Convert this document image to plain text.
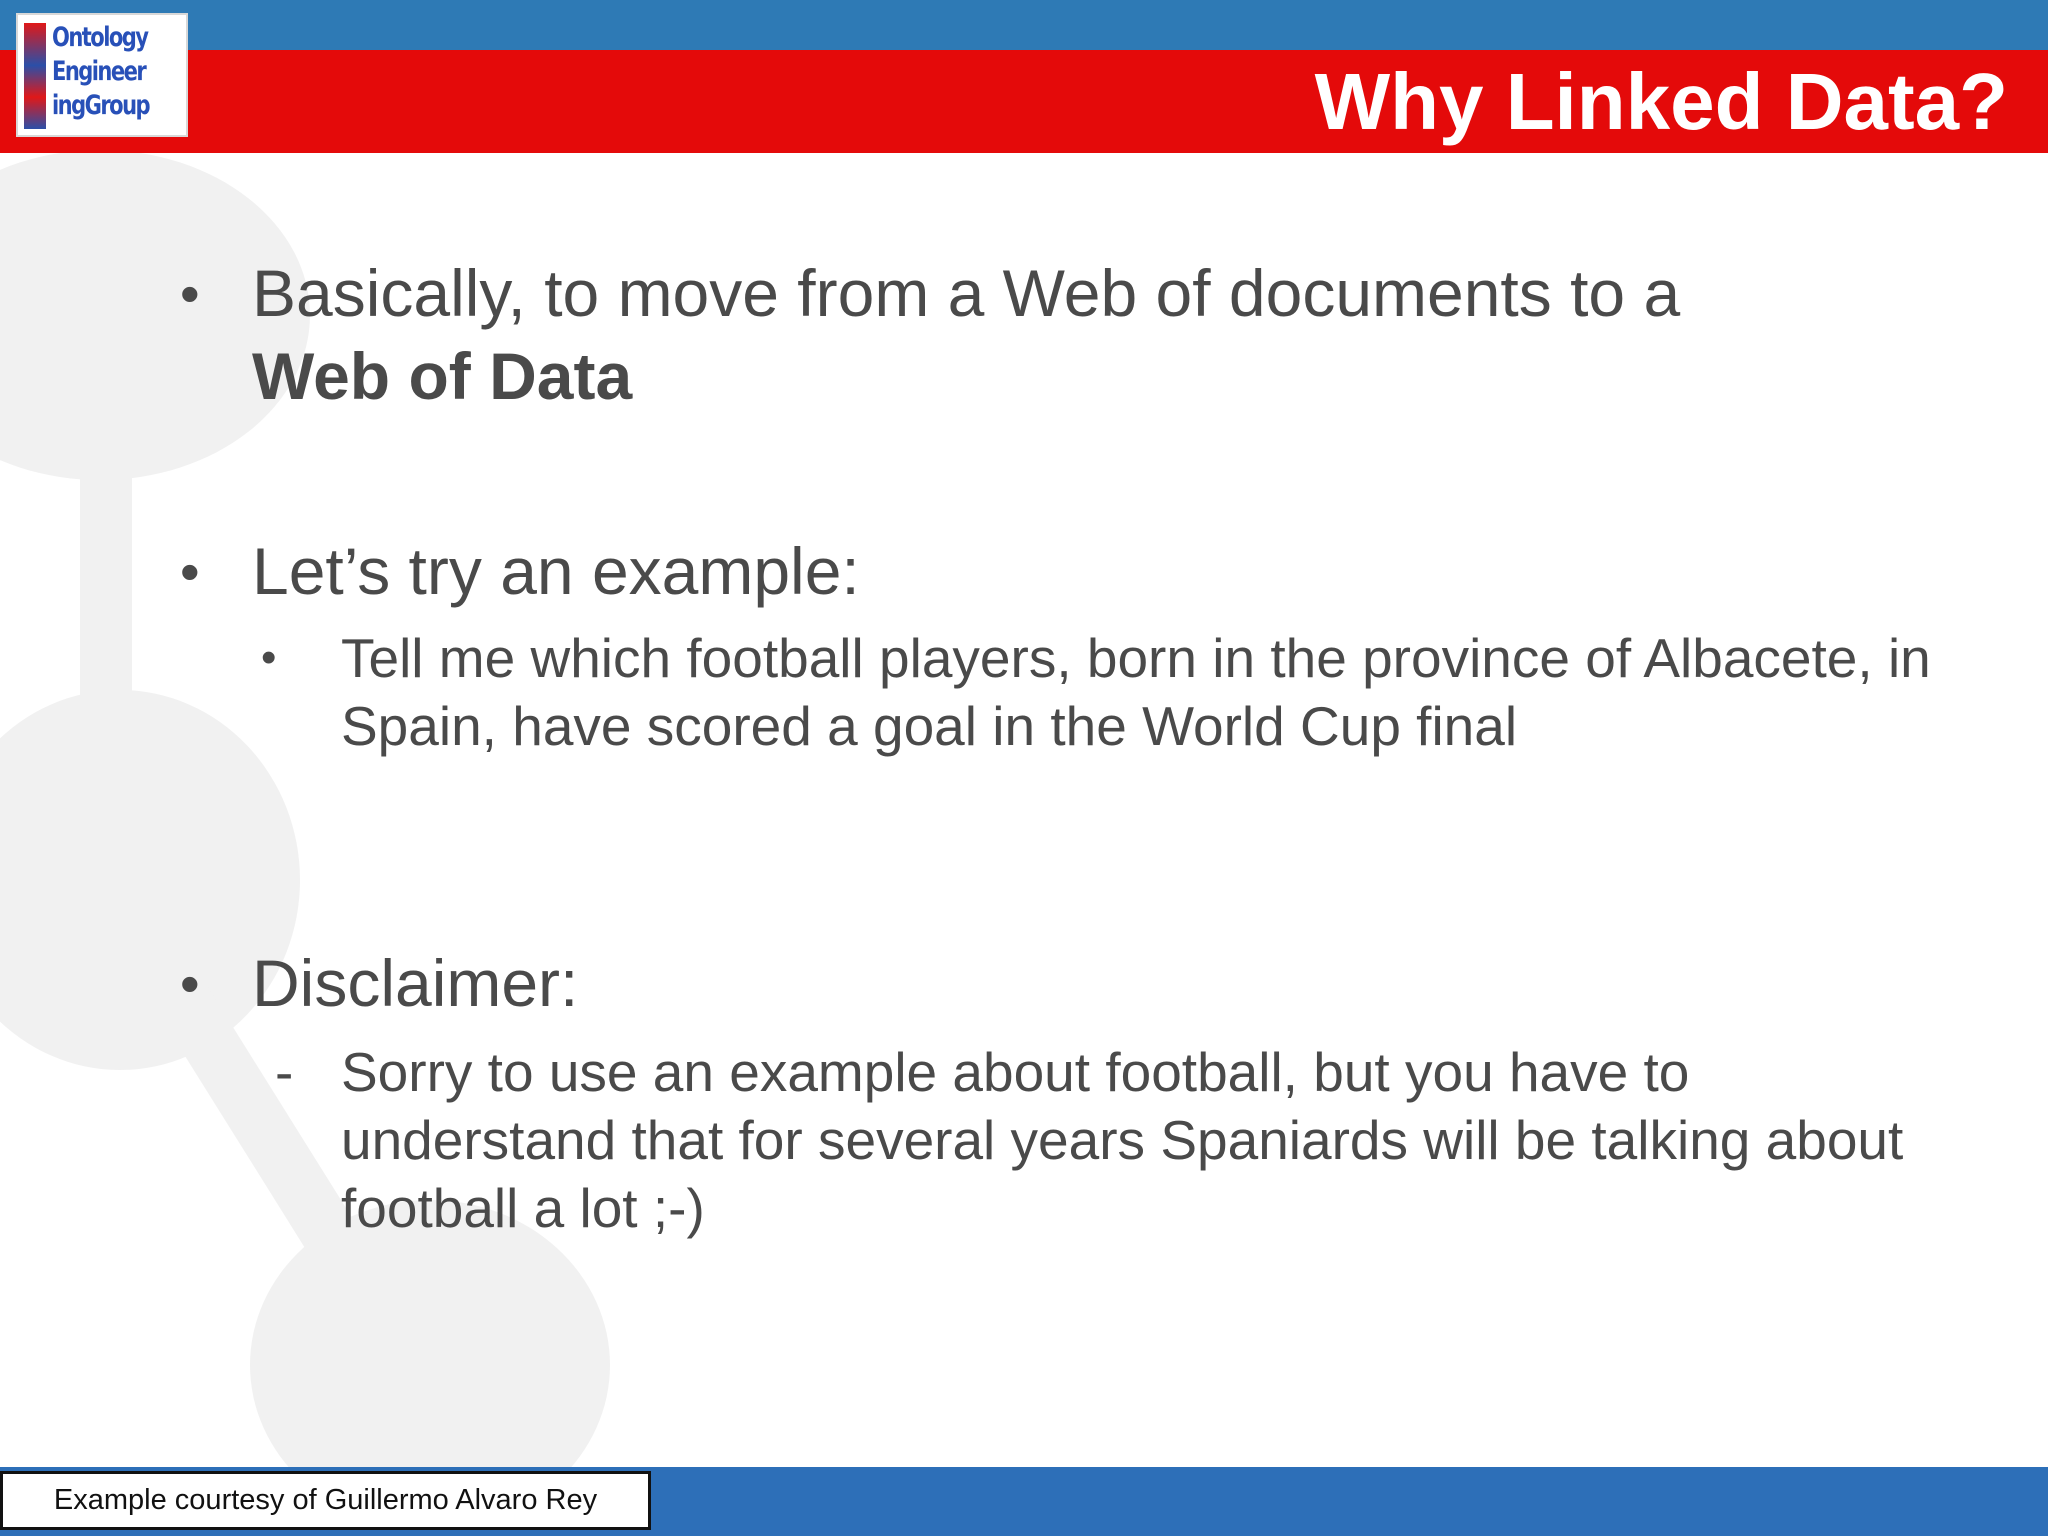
Ontology
Engineer
ingGroup	Why Linked Data?
• Basically, to move from a Web of documents to a
Web of Data
• Let’s try an example:
• Tell me which football players, born in the province of Albacete, in Spain, have scored a goal in the World Cup final
• Disclaimer:
- Sorry to use an example about football, but you have to understand that for several years Spaniards will be talking about football a lot ;-)
Example courtesy of Guillermo Alvaro Rey
